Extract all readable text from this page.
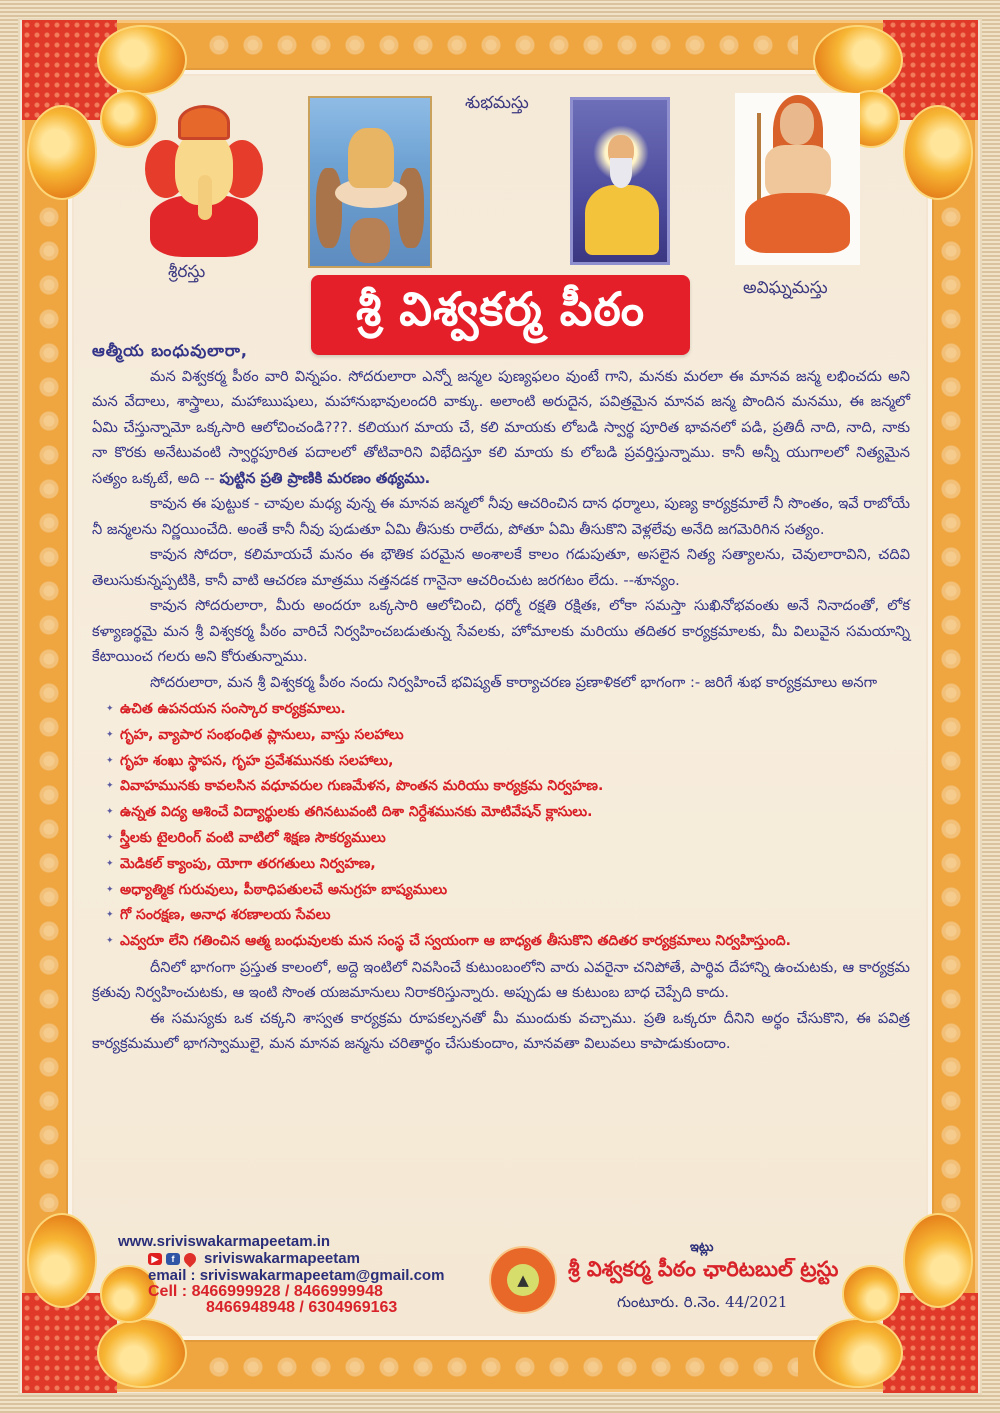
శ్రీరస్తు
శుభమస్తు
అవిఘ్నమస్తు
శ్రీ విశ్వకర్మ పీఠం
ఆత్మీయ బంధువులారా,

మన విశ్వకర్మ పీఠం వారి విన్నపం. సోదరులారా ఎన్నో జన్మల పుణ్యఫలం వుంటే గాని, మనకు మరలా ఈ మానవ జన్మ లభించదు అని మన వేదాలు, శాస్త్రాలు, మహాఋషులు, మహానుభావులందరి వాక్కు. అలాంటి అరుదైన, పవిత్రమైన మానవ జన్మ పొందిన మనము, ఈ జన్మలో ఏమి చేస్తున్నామో ఒక్కసారి ఆలోచించండి???. కలియుగ మాయ చే, కలి మాయకు లోబడి స్వార్థ పూరిత భావనలో పడి, ప్రతిదీ నాది, నాది, నాకు నా కొరకు అనేటువంటి స్వార్థపూరిత పదాలలో తోటివారిని విభేదిస్తూ కలి మాయ కు లోబడి ప్రవర్తిస్తున్నాము. కానీ అన్నీ యుగాలలో నిత్యమైన సత్యం ఒక్కటే, అది -- పుట్టిన ప్రతి ప్రాణికి మరణం తథ్యము.

కావున ఈ పుట్టుక - చావుల మధ్య వున్న ఈ మానవ జన్మలో నీవు ఆచరించిన దాన ధర్మాలు, పుణ్య కార్యక్రమాలే నీ సొంతం, ఇవే రాబోయే నీ జన్మలను నిర్ణయించేది. అంతే కానీ నీవు పుడుతూ ఏమి తీసుకు రాలేదు, పోతూ ఏమి తీసుకొని వెళ్లలేవు అనేది జగమెరిగిన సత్యం.

కావున సోదరా, కలిమాయచే మనం ఈ భౌతిక పరమైన అంశాలకే కాలం గడుపుతూ, అసలైన నిత్య సత్యాలను, చెవులారావిని, చదివి తెలుసుకున్నప్పటికి, కానీ వాటి ఆచరణ మాత్రము నత్తనడక గానైనా ఆచరించుట జరగటం లేదు. --శూన్యం.

కావున సోదరులారా, మీరు అందరూ ఒక్కసారి ఆలోచించి, ధర్మో రక్షతి రక్షితః, లోకా సమస్తా సుఖినోభవంతు అనే నినాదంతో, లోక కళ్యాణర్థమై మన శ్రీ విశ్వకర్మ పీఠం వారిచే నిర్వహించబడుతున్న సేవలకు, హోమాలకు మరియు తదితర కార్యక్రమాలకు, మీ విలువైన సమయాన్ని కేటాయించ గలరు అని కోరుతున్నాము.

సోదరులారా, మన శ్రీ విశ్వకర్మ పీఠం నందు నిర్వహించే భవిష్యత్ కార్యాచరణ ప్రణాళికలో భాగంగా :- జరిగే శుభ కార్యక్రమాలు అనగా

✦ ఉచిత ఉపనయన సంస్కార కార్యక్రమాలు.
✦ గృహ, వ్యాపార సంభంధిత ప్లానులు, వాస్తు సలహాలు
✦ గృహ శంఖు స్థాపన, గృహ ప్రవేశమునకు సలహాలు,
✦ వివాహమునకు కావలసిన వధూవరుల గుణమేళన, పొంతన మరియు కార్యక్రమ నిర్వహణ.
✦ ఉన్నత విద్య ఆశించే విద్యార్థులకు తగినటువంటి దిశా నిర్దేశమునకు మోటివేషన్ క్లాసులు.
✦ స్త్రీలకు టైలరింగ్ వంటి వాటిలో శిక్షణ సౌకర్యములు
✦ మెడికల్ క్యాంపు, యోగా తరగతులు నిర్వహణ,
✦ అధ్యాత్మిక గురువులు, పీఠాధిపతులచే అనుగ్రహ బాష్యములు
✦ గో సంరక్షణ, అనాధ శరణాలయ సేవలు
✦ ఎవ్వరూ లేని గతించిన ఆత్మ బంధువులకు మన సంస్థ చే స్వయంగా ఆ బాధ్యత తీసుకొని తదితర కార్యక్రమాలు నిర్వహిస్తుంది.

దీనిలో భాగంగా ప్రస్తుత కాలంలో, అద్దె ఇంటిలో నివసించే కుటుంబంలోని వారు ఎవరైనా చనిపోతే, పార్థివ దేహాన్ని ఉంచుటకు, ఆ కార్యక్రమ క్రతువు నిర్వహించుటకు, ఆ ఇంటి సొంత యజమానులు నిరాకరిస్తున్నారు. అప్పుడు ఆ కుటుంబ బాధ చెప్పేది కాదు.

ఈ సమస్యకు ఒక చక్కని శాస్వత కార్యక్రమ రూపకల్పనతో మీ ముందుకు వచ్చాము. ప్రతి ఒక్కరూ దీనిని అర్థం చేసుకొని, ఈ పవిత్ర కార్యక్రమములో భాగస్వాములై, మన మానవ జన్మను చరితార్థం చేసుకుందాం, మానవతా విలువలు కాపాడుకుందాం.

www.sriviswakarmapeetam.in
▶	f	sriviswakarmapeetam
email : sriviswakarmapeetam@gmail.com
Cell : 8466999928 / 8466999948
8466948948 / 6304969163
▲
ఇట్లు
శ్రీ విశ్వకర్మ పీఠం ఛారిటబుల్ ట్రస్టు
గుంటూరు. రి.నెం. 44/2021
